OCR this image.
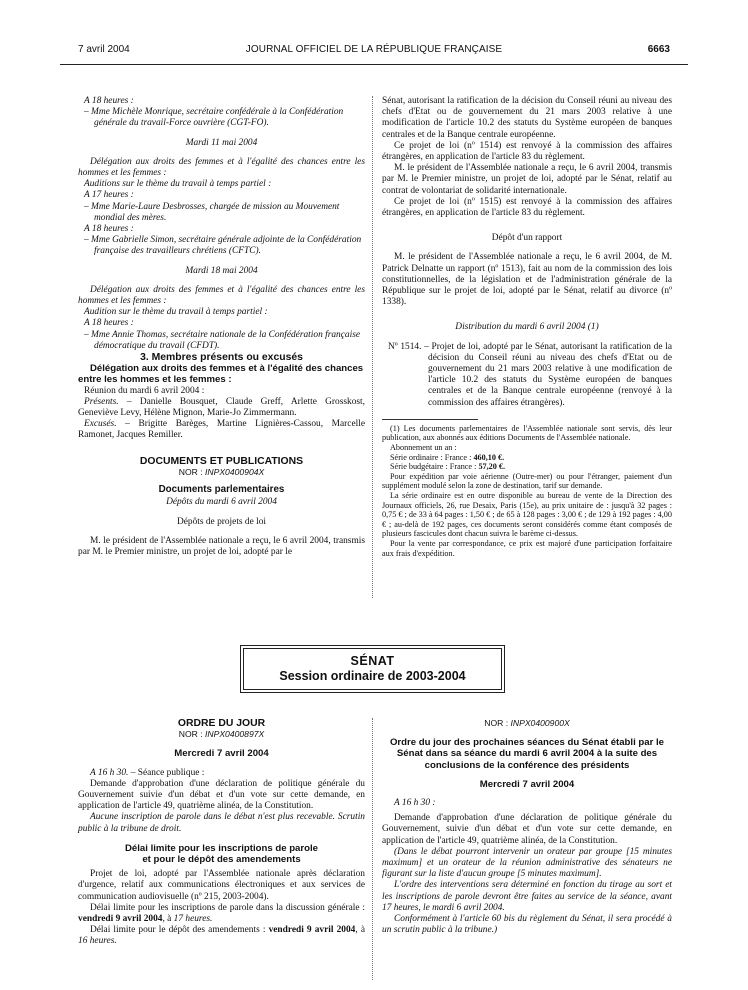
7 avril 2004	JOURNAL OFFICIEL DE LA RÉPUBLIQUE FRANÇAISE	6663

A 18 heures :

– Mme Michèle Monrique, secrétaire confédérale à la Confédération générale du travail-Force ouvrière (CGT-FO).

Mardi 11 mai 2004

Délégation aux droits des femmes et à l'égalité des chances entre les hommes et les femmes :

Auditions sur le thème du travail à temps partiel :

A 17 heures :

– Mme Marie-Laure Desbrosses, chargée de mission au Mouvement mondial des mères.

A 18 heures :

– Mme Gabrielle Simon, secrétaire générale adjointe de la Confédération française des travailleurs chrétiens (CFTC).

Mardi 18 mai 2004

Délégation aux droits des femmes et à l'égalité des chances entre les hommes et les femmes :

Audition sur le thème du travail à temps partiel :

A 18 heures :

– Mme Annie Thomas, secrétaire nationale de la Confédération française démocratique du travail (CFDT).

3. Membres présents ou excusés

Délégation aux droits des femmes et à l'égalité des chances entre les hommes et les femmes :

Réunion du mardi 6 avril 2004 :

Présents. – Danielle Bousquet, Claude Greff, Arlette Grosskost, Geneviève Levy, Hélène Mignon, Marie-Jo Zimmermann.

Excusés. – Brigitte Barèges, Martine Lignières-Cassou, Marcelle Ramonet, Jacques Remiller.

DOCUMENTS ET PUBLICATIONS

NOR : INPX0400904X

Documents parlementaires

Dépôts du mardi 6 avril 2004

Dépôts de projets de loi

M. le président de l'Assemblée nationale a reçu, le 6 avril 2004, transmis par M. le Premier ministre, un projet de loi, adopté par le

Sénat, autorisant la ratification de la décision du Conseil réuni au niveau des chefs d'Etat ou de gouvernement du 21 mars 2003 relative à une modification de l'article 10.2 des statuts du Système européen de banques centrales et de la Banque centrale européenne.

Ce projet de loi (nº 1514) est renvoyé à la commission des affaires étrangères, en application de l'article 83 du règlement.

M. le président de l'Assemblée nationale a reçu, le 6 avril 2004, transmis par M. le Premier ministre, un projet de loi, adopté par le Sénat, relatif au contrat de volontariat de solidarité internationale.

Ce projet de loi (nº 1515) est renvoyé à la commission des affaires étrangères, en application de l'article 83 du règlement.

Dépôt d'un rapport

M. le président de l'Assemblée nationale a reçu, le 6 avril 2004, de M. Patrick Delnatte un rapport (nº 1513), fait au nom de la commission des lois constitutionnelles, de la législation et de l'administration générale de la République sur le projet de loi, adopté par le Sénat, relatif au divorce (nº 1338).

Distribution du mardi 6 avril 2004 (1)

Nº 1514. – Projet de loi, adopté par le Sénat, autorisant la ratification de la décision du Conseil réuni au niveau des chefs d'Etat ou de gouvernement du 21 mars 2003 relative à une modification de l'article 10.2 des statuts du Système européen de banques centrales et de la Banque centrale européenne (renvoyé à la commission des affaires étrangères).

(1) Les documents parlementaires de l'Assemblée nationale sont servis, dès leur publication, aux abonnés aux éditions Documents de l'Assemblée nationale.

Abonnement un an :

Série ordinaire : France : 460,10 €.

Série budgétaire : France : 57,20 €.

Pour expédition par voie aérienne (Outre-mer) ou pour l'étranger, paiement d'un supplément modulé selon la zone de destination, tarif sur demande.

La série ordinaire est en outre disponible au bureau de vente de la Direction des Journaux officiels, 26, rue Desaix, Paris (15e), au prix unitaire de : jusqu'à 32 pages : 0,75 € ; de 33 à 64 pages : 1,50 € ; de 65 à 128 pages : 3,00 € ; de 129 à 192 pages : 4,00 € ; au-delà de 192 pages, ces documents seront considérés comme étant composés de plusieurs fascicules dont chacun suivra le barème ci-dessus.

Pour la vente par correspondance, ce prix est majoré d'une participation forfaitaire aux frais d'expédition.

SÉNAT
Session ordinaire de 2003-2004

ORDRE DU JOUR

NOR : INPX0400897X

Mercredi 7 avril 2004

A 16 h 30. – Séance publique :

Demande d'approbation d'une déclaration de politique générale du Gouvernement suivie d'un débat et d'un vote sur cette demande, en application de l'article 49, quatrième alinéa, de la Constitution.

Aucune inscription de parole dans le débat n'est plus recevable. Scrutin public à la tribune de droit.

Délai limite pour les inscriptions de parole

et pour le dépôt des amendements

Projet de loi, adopté par l'Assemblée nationale après déclaration d'urgence, relatif aux communications électroniques et aux services de communication audiovisuelle (nº 215, 2003-2004).

Délai limite pour les inscriptions de parole dans la discussion générale : vendredi 9 avril 2004, à 17 heures.

Délai limite pour le dépôt des amendements : vendredi 9 avril 2004, à 16 heures.

NOR : INPX0400900X

Ordre du jour des prochaines séances du Sénat établi par le Sénat dans sa séance du mardi 6 avril 2004 à la suite des conclusions de la conférence des présidents

Mercredi 7 avril 2004

A 16 h 30 :

Demande d'approbation d'une déclaration de politique générale du Gouvernement, suivie d'un débat et d'un vote sur cette demande, en application de l'article 49, quatrième alinéa, de la Constitution.

(Dans le débat pourront intervenir un orateur par groupe [15 minutes maximum] et un orateur de la réunion administrative des sénateurs ne figurant sur la liste d'aucun groupe [5 minutes maximum].

L'ordre des interventions sera déterminé en fonction du tirage au sort et les inscriptions de parole devront être faites au service de la séance, avant 17 heures, le mardi 6 avril 2004.

Conformément à l'article 60 bis du règlement du Sénat, il sera procédé à un scrutin public à la tribune.)
